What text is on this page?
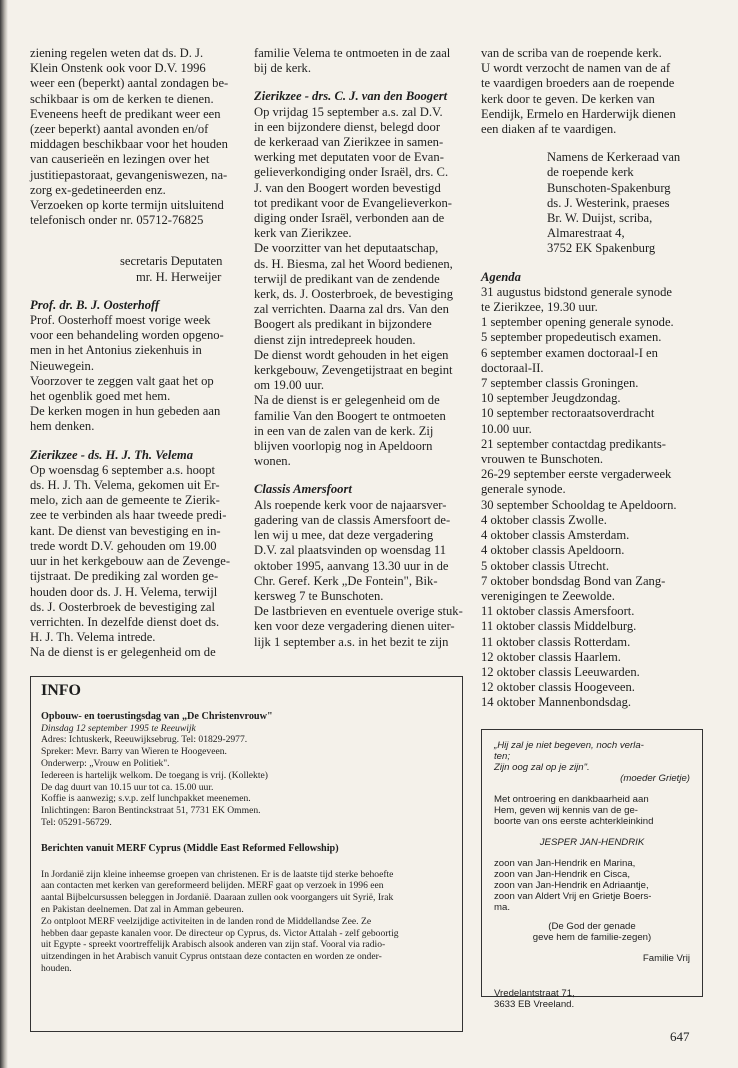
ziening regelen weten dat ds. D. J.

Klein Onstenk ook voor D.V. 1996

weer een (beperkt) aantal zondagen be-

schikbaar is om de kerken te dienen.

Eveneens heeft de predikant weer een

(zeer beperkt) aantal avonden en/of

middagen beschikbaar voor het houden

van causerieën en lezingen over het

justitiepastoraat, gevangeniswezen, na-

zorg ex-gedetineerden enz.

Verzoeken op korte termijn uitsluitend

telefonisch onder nr. 05712-76825

secretaris Deputaten

mr. H. Herweijer

Prof. dr. B. J. Oosterhoff

Prof. Oosterhoff moest vorige week

voor een behandeling worden opgeno-

men in het Antonius ziekenhuis in

Nieuwegein.

Voorzover te zeggen valt gaat het op

het ogenblik goed met hem.

De kerken mogen in hun gebeden aan

hem denken.

Zierikzee - ds. H. J. Th. Velema

Op woensdag 6 september a.s. hoopt

ds. H. J. Th. Velema, gekomen uit Er-

melo, zich aan de gemeente te Zierik-

zee te verbinden als haar tweede predi-

kant. De dienst van bevestiging en in-

trede wordt D.V. gehouden om 19.00

uur in het kerkgebouw aan de Zevenge-

tijstraat. De prediking zal worden ge-

houden door ds. J. H. Velema, terwijl

ds. J. Oosterbroek de bevestiging zal

verrichten. In dezelfde dienst doet ds.

H. J. Th. Velema intrede.

Na de dienst is er gelegenheid om de

familie Velema te ontmoeten in de zaal

bij de kerk.

Zierikzee - drs. C. J. van den Boogert

Op vrijdag 15 september a.s. zal D.V.

in een bijzondere dienst, belegd door

de kerkeraad van Zierikzee in samen-

werking met deputaten voor de Evan-

gelieverkondiging onder Israël, drs. C.

J. van den Boogert worden bevestigd

tot predikant voor de Evangelieverkon-

diging onder Israël, verbonden aan de

kerk van Zierikzee.

De voorzitter van het deputaatschap,

ds. H. Biesma, zal het Woord bedienen,

terwijl de predikant van de zendende

kerk, ds. J. Oosterbroek, de bevestiging

zal verrichten. Daarna zal drs. Van den

Boogert als predikant in bijzondere

dienst zijn intredepreek houden.

De dienst wordt gehouden in het eigen

kerkgebouw, Zevengetijstraat en begint

om 19.00 uur.

Na de dienst is er gelegenheid om de

familie Van den Boogert te ontmoeten

in een van de zalen van de kerk. Zij

blijven voorlopig nog in Apeldoorn

wonen.

Classis Amersfoort

Als roepende kerk voor de najaarsver-

gadering van de classis Amersfoort de-

len wij u mee, dat deze vergadering

D.V. zal plaatsvinden op woensdag 11

oktober 1995, aanvang 13.30 uur in de

Chr. Geref. Kerk „De Fontein", Bik-

kersweg 7 te Bunschoten.

De lastbrieven en eventuele overige stuk-

ken voor deze vergadering dienen uiter-

lijk 1 september a.s. in het bezit te zijn

van de scriba van de roepende kerk.

U wordt verzocht de namen van de af

te vaardigen broeders aan de roepende

kerk door te geven. De kerken van

Eendijk, Ermelo en Harderwijk dienen

een diaken af te vaardigen.

Namens de Kerkeraad van

de roepende kerk

Bunschoten-Spakenburg

ds. J. Westerink, praeses

Br. W. Duijst, scriba,

Almarestraat 4,

3752 EK Spakenburg

Agenda

31 augustus bidstond generale synode

te Zierikzee, 19.30 uur.

1 september opening generale synode.

5 september propedeutisch examen.

6 september examen doctoraal-I en

doctoraal-II.

7 september classis Groningen.

10 september Jeugdzondag.

10 september rectoraatsoverdracht

10.00 uur.

21 september contactdag predikants-

vrouwen te Bunschoten.

26-29 september eerste vergaderweek

generale synode.

30 september Schooldag te Apeldoorn.

4 oktober classis Zwolle.

4 oktober classis Amsterdam.

4 oktober classis Apeldoorn.

5 oktober classis Utrecht.

7 oktober bondsdag Bond van Zang-

verenigingen te Zeewolde.

11 oktober classis Amersfoort.

11 oktober classis Middelburg.

11 oktober classis Rotterdam.

12 oktober classis Haarlem.

12 oktober classis Leeuwarden.

12 oktober classis Hoogeveen.

14 oktober Mannenbondsdag.

INFO

Opbouw- en toerustingsdag van „De Christenvrouw"

Dinsdag 12 september 1995 te Reeuwijk

Adres: Ichtuskerk, Reeuwijksebrug. Tel: 01829-2977.

Spreker: Mevr. Barry van Wieren te Hoogeveen.

Onderwerp: „Vrouw en Politiek".

Iedereen is hartelijk welkom. De toegang is vrij. (Kollekte)

De dag duurt van 10.15 uur tot ca. 15.00 uur.

Koffie is aanwezig; s.v.p. zelf lunchpakket meenemen.

Inlichtingen: Baron Bentinckstraat 51, 7731 EK Ommen.

Tel: 05291-56729.

Berichten vanuit MERF Cyprus (Middle East Reformed Fellowship)

In Jordanië zijn kleine inheemse groepen van christenen. Er is de laatste tijd sterke behoefte

aan contacten met kerken van gereformeerd belijden. MERF gaat op verzoek in 1996 een

aantal Bijbelcursussen beleggen in Jordanië. Daaraan zullen ook voorgangers uit Syrië, Irak

en Pakistan deelnemen. Dat zal in Amman gebeuren.

Zo ontploot MERF veelzijdige activiteiten in de landen rond de Middellandse Zee. Ze

hebben daar gepaste kanalen voor. De directeur op Cyprus, ds. Victor Attalah - zelf geboortig

uit Egypte - spreekt voortreffelijk Arabisch alsook anderen van zijn staf. Vooral via radio-

uitzendingen in het Arabisch vanuit Cyprus ontstaan deze contacten en worden ze onder-

houden.

„Hij zal je niet begeven, noch verla-

ten;

Zijn oog zal op je zijn".

(moeder Grietje)

Met ontroering en dankbaarheid aan

Hem, geven wij kennis van de ge-

boorte van ons eerste achterkleinkind

JESPER JAN-HENDRIK

zoon van Jan-Hendrik en Marina,

zoon van Jan-Hendrik en Cisca,

zoon van Jan-Hendrik en Adriaantje,

zoon van Aldert Vrij en Grietje Boers-

ma.

(De God der genade

geve hem de familie-zegen)

Familie Vrij

Vredelantstraat 71,

3633 EB Vreeland.

647
